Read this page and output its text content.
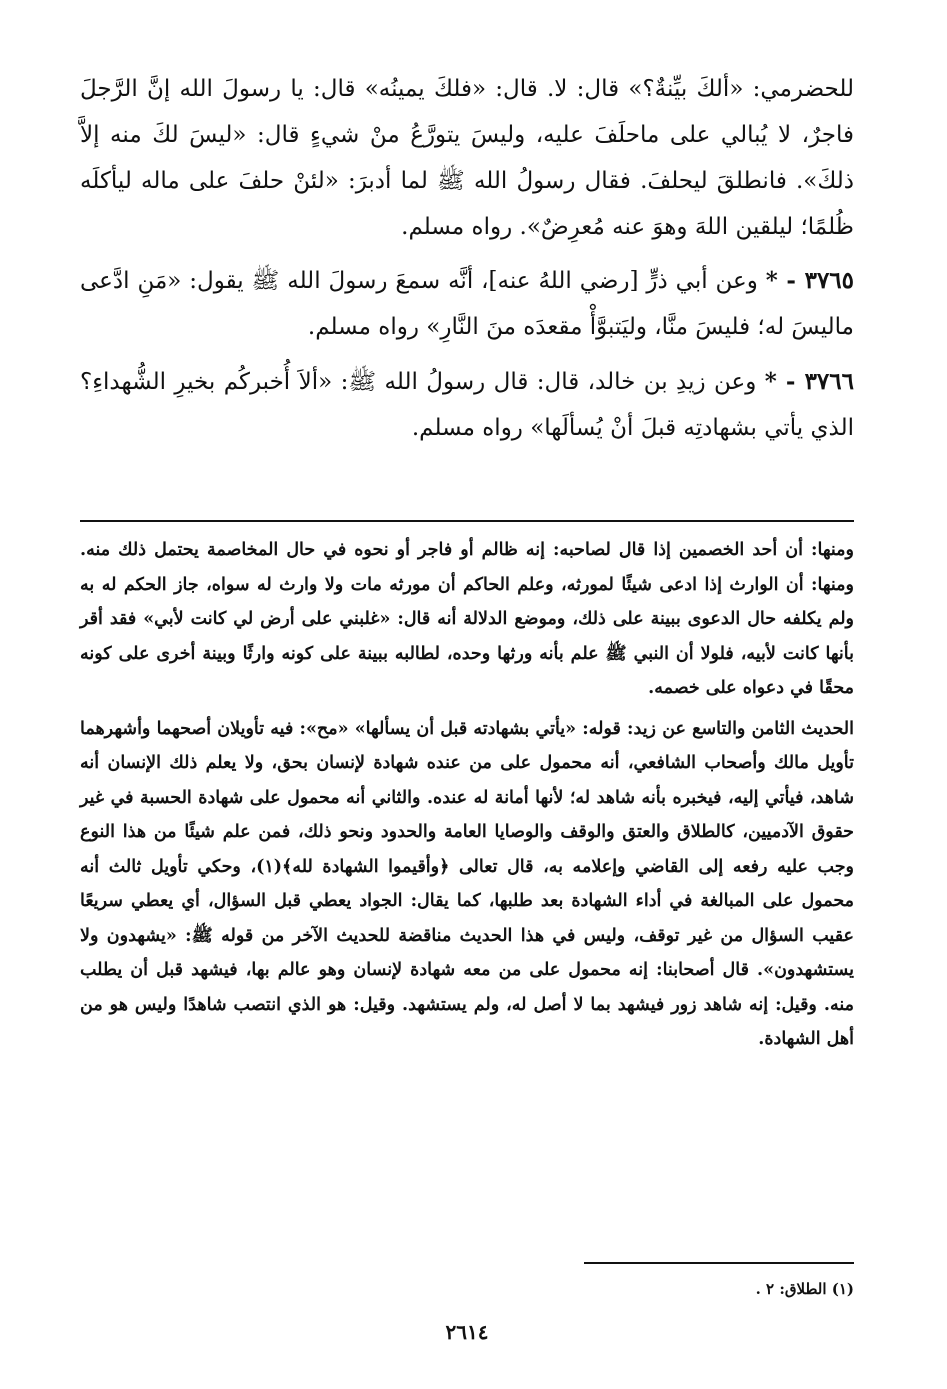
للحضرمي: «ألكَ بيِّنةٌ؟» قال: لا. قال: «فلكَ يمينُه» قال: يا رسولَ الله إنَّ الرَّجلَ فاجرٌ، لا يُبالي على ماحلَفَ عليه، وليسَ يتورَّعُ منْ شيءٍ قال: «ليسَ لكَ منه إلاَّ ذلكَ». فانطلقَ ليحلفَ. فقال رسولُ الله ﷺ لما أدبرَ: «لئنْ حلفَ على ماله ليأكلَه ظُلمًا؛ ليلقين اللهَ وهوَ عنه مُعرِضٌ». رواه مسلم.

٣٧٦٥ - * وعن أبي ذرٍّ [رضي اللهُ عنه]، أنَّه سمعَ رسولَ الله ﷺ يقول: «مَنِ ادَّعى ماليسَ له؛ فليسَ منَّا، وليَتبوَّأْ مقعدَه منَ النَّارِ» رواه مسلم.

٣٧٦٦ - * وعن زيدِ بن خالد، قال: قال رسولُ الله ﷺ: «ألاَ أُخبركُم بخيرِ الشُّهداءِ؟ الذي يأتي بشهادتِه قبلَ أنْ يُسألَها» رواه مسلم.

ومنها: أن أحد الخصمين إذا قال لصاحبه: إنه ظالم أو فاجر أو نحوه في حال المخاصمة يحتمل ذلك منه. ومنها: أن الوارث إذا ادعى شيئًا لمورثه، وعلم الحاكم أن مورثه مات ولا وارث له سواه، جاز الحكم له به ولم يكلفه حال الدعوى ببينة على ذلك، وموضع الدلالة أنه قال: «غلبني على أرض لي كانت لأبي» فقد أقر بأنها كانت لأبيه، فلولا أن النبي ﷺ علم بأنه ورثها وحده، لطالبه ببينة على كونه وارثًا وبينة أخرى على كونه محقًا في دعواه على خصمه.

الحديث الثامن والتاسع عن زيد: قوله: «يأتي بشهادته قبل أن يسألها» «مح»: فيه تأويلان أصحهما وأشهرهما تأويل مالك وأصحاب الشافعي، أنه محمول على من عنده شهادة لإنسان بحق، ولا يعلم ذلك الإنسان أنه شاهد، فيأتي إليه، فيخبره بأنه شاهد له؛ لأنها أمانة له عنده. والثاني أنه محمول على شهادة الحسبة في غير حقوق الآدميين، كالطلاق والعتق والوقف والوصايا العامة والحدود ونحو ذلك، فمن علم شيئًا من هذا النوع وجب عليه رفعه إلى القاضي وإعلامه به، قال تعالى ﴿وأقيموا الشهادة لله﴾(١)، وحكي تأويل ثالث أنه محمول على المبالغة في أداء الشهادة بعد طلبها، كما يقال: الجواد يعطي قبل السؤال، أي يعطي سريعًا عقيب السؤال من غير توقف، وليس في هذا الحديث مناقضة للحديث الآخر من قوله ﷺ: «يشهدون ولا يستشهدون». قال أصحابنا: إنه محمول على من معه شهادة لإنسان وهو عالم بها، فيشهد قبل أن يطلب منه. وقيل: إنه شاهد زور فيشهد بما لا أصل له، ولم يستشهد. وقيل: هو الذي انتصب شاهدًا وليس هو من أهل الشهادة.

(١) الطلاق: ٢ .
٢٦١٤
